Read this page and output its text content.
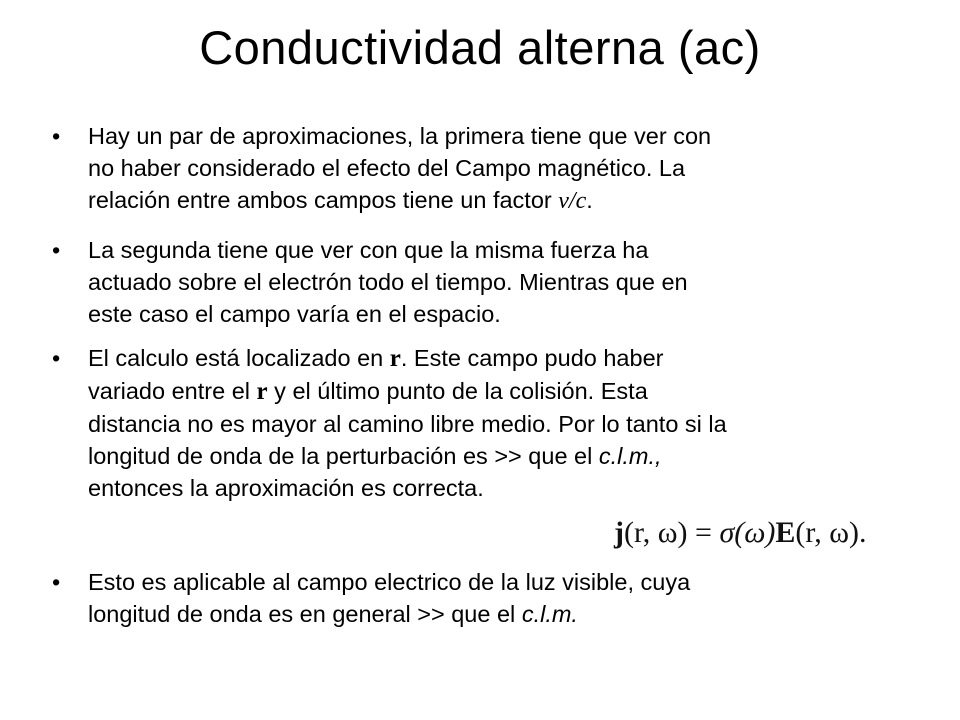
Conductividad alterna (ac)
•	Hay un par de aproximaciones, la primera tiene que ver con
no haber considerado el efecto del Campo magnético. La
relación entre ambos campos tiene un factor v/c.
•	La segunda tiene que ver con que la misma fuerza ha
actuado sobre el electrón todo el tiempo. Mientras que en
este caso el campo varía en el espacio.
•	El calculo está localizado en r. Este campo pudo haber
variado entre el r y el último punto de la colisión. Esta
distancia no es mayor al camino libre medio. Por lo tanto si la
longitud de onda de la perturbación es >> que el c.l.m.,
entonces la aproximación es correcta.
j(r, ω) = σ(ω)E(r, ω).
•	Esto es aplicable al campo electrico de la luz visible, cuya
longitud de onda es en general >> que el c.l.m.
